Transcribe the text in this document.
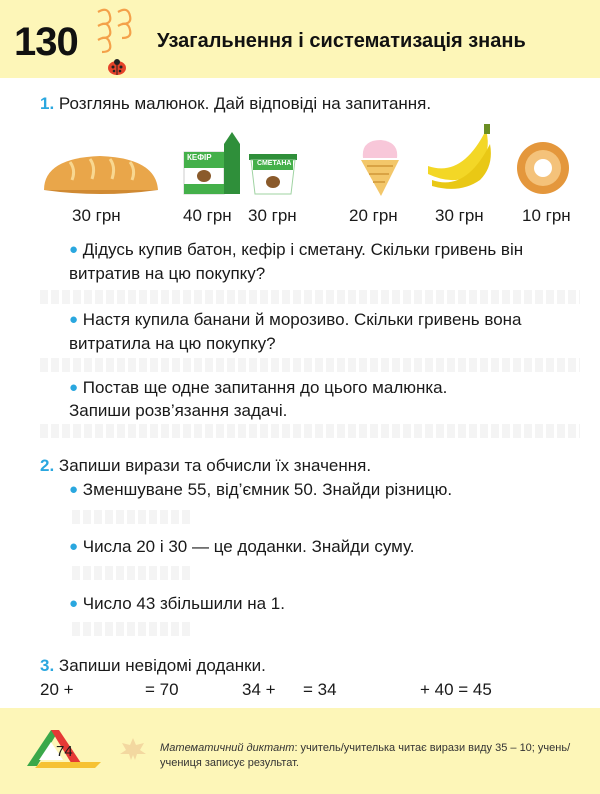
130	Узагальнення і систематизація знань
1. Розглянь малюнок. Дай відповіді на запитання.
КЕФІР
СМЕТАНА
30 грн	40 грн 30 грн	20 грн 30 грн 10 грн
● Дідусь купив батон, кефір і сметану. Скільки гривень він витратив на цю покупку?
● Настя купила банани й морозиво. Скільки гривень вона витратила на цю покупку?
● Постав ще одне запитання до цього малюнка.
Запиши розв’язання задачі.
2. Запиши вирази та обчисли їх значення.
● Зменшуване 55, від’ємник 50. Знайди різницю.
● Числа 20 і 30 — це доданки. Знайди суму.
● Число 43 збільшили на 1.
3. Запиши невідомі доданки.
20 +	= 70	34 + = 34	+ 40 = 45
74	Математичний диктант: учитель/учителька читає вирази виду 35 – 10; учень/учениця записує результат.
